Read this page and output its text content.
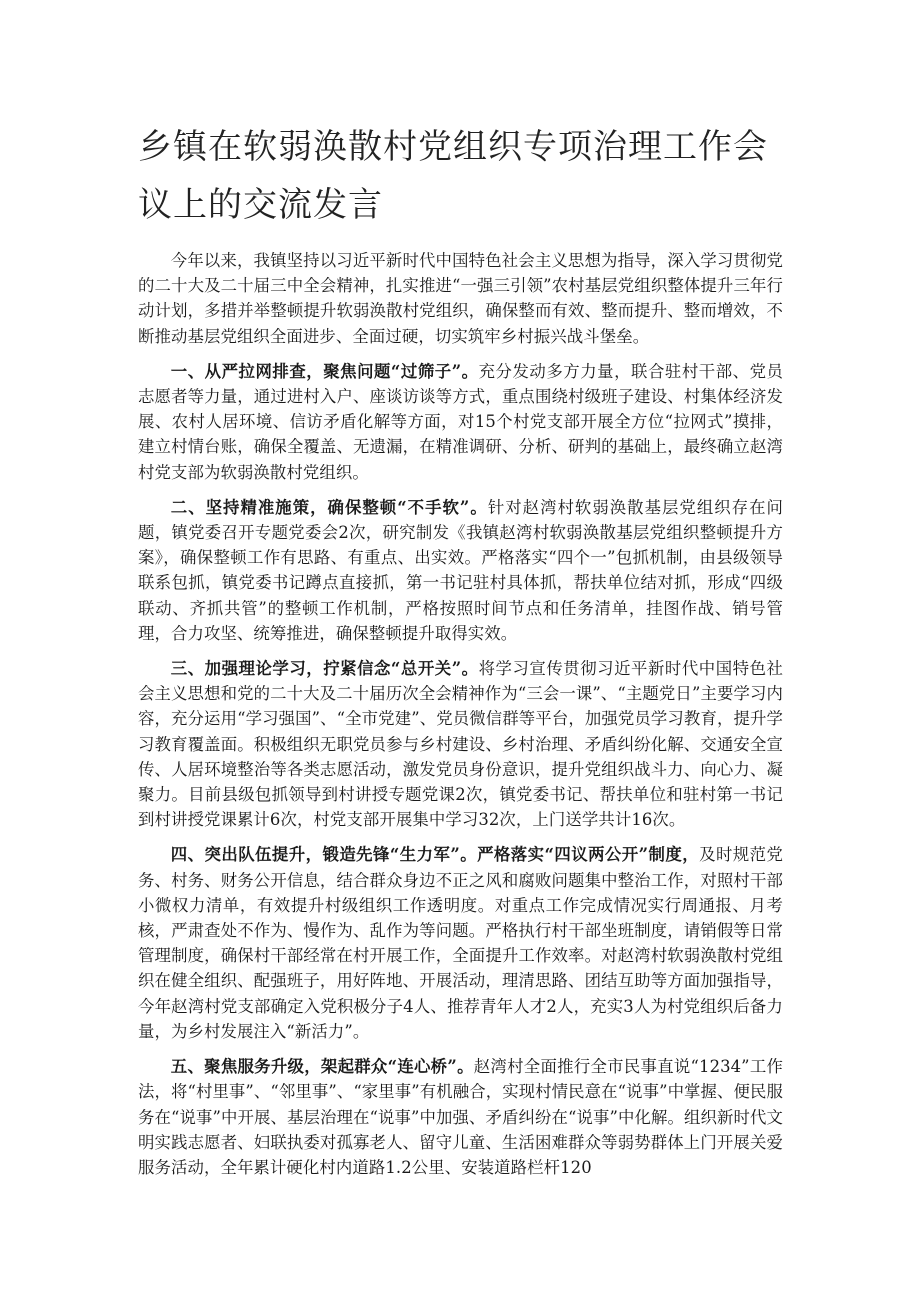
乡镇在软弱涣散村党组织专项治理工作会议上的交流发言

今年以来，我镇坚持以习近平新时代中国特色社会主义思想为指导，深入学习贯彻党的二十大及二十届三中全会精神，扎实推进“一强三引领”农村基层党组织整体提升三年行动计划，多措并举整顿提升软弱涣散村党组织，确保整而有效、整而提升、整而增效，不断推动基层党组织全面进步、全面过硬，切实筑牢乡村振兴战斗堡垒。

一、从严拉网排查，聚焦问题“过筛子”。充分发动多方力量，联合驻村干部、党员志愿者等力量，通过进村入户、座谈访谈等方式，重点围绕村级班子建设、村集体经济发展、农村人居环境、信访矛盾化解等方面，对15个村党支部开展全方位“拉网式”摸排，建立村情台账，确保全覆盖、无遗漏，在精准调研、分析、研判的基础上，最终确立赵湾村党支部为软弱涣散村党组织。

二、坚持精准施策，确保整顿“不手软”。针对赵湾村软弱涣散基层党组织存在问题，镇党委召开专题党委会2次，研究制发《我镇赵湾村软弱涣散基层党组织整顿提升方案》，确保整顿工作有思路、有重点、出实效。严格落实“四个一”包抓机制，由县级领导联系包抓，镇党委书记蹲点直接抓，第一书记驻村具体抓，帮扶单位结对抓，形成“四级联动、齐抓共管”的整顿工作机制，严格按照时间节点和任务清单，挂图作战、销号管理，合力攻坚、统筹推进，确保整顿提升取得实效。

三、加强理论学习，拧紧信念“总开关”。将学习宣传贯彻习近平新时代中国特色社会主义思想和党的二十大及二十届历次全会精神作为“三会一课”、“主题党日”主要学习内容，充分运用“学习强国”、“全市党建”、党员微信群等平台，加强党员学习教育，提升学习教育覆盖面。积极组织无职党员参与乡村建设、乡村治理、矛盾纠纷化解、交通安全宣传、人居环境整治等各类志愿活动，激发党员身份意识，提升党组织战斗力、向心力、凝聚力。目前县级包抓领导到村讲授专题党课2次，镇党委书记、帮扶单位和驻村第一书记到村讲授党课累计6次，村党支部开展集中学习32次，上门送学共计16次。

四、突出队伍提升，锻造先锋“生力军”。严格落实“四议两公开”制度，及时规范党务、村务、财务公开信息，结合群众身边不正之风和腐败问题集中整治工作，对照村干部小微权力清单，有效提升村级组织工作透明度。对重点工作完成情况实行周通报、月考核，严肃查处不作为、慢作为、乱作为等问题。严格执行村干部坐班制度，请销假等日常管理制度，确保村干部经常在村开展工作，全面提升工作效率。对赵湾村软弱涣散村党组织在健全组织、配强班子，用好阵地、开展活动，理清思路、团结互助等方面加强指导，今年赵湾村党支部确定入党积极分子4人、推荐青年人才2人，充实3人为村党组织后备力量，为乡村发展注入“新活力”。

五、聚焦服务升级，架起群众“连心桥”。赵湾村全面推行全市民事直说“1234”工作法，将“村里事”、“邻里事”、“家里事”有机融合，实现村情民意在“说事”中掌握、便民服务在“说事”中开展、基层治理在“说事”中加强、矛盾纠纷在“说事”中化解。组织新时代文明实践志愿者、妇联执委对孤寡老人、留守儿童、生活困难群众等弱势群体上门开展关爱服务活动，全年累计硬化村内道路1.2公里、安装道路栏杆120
